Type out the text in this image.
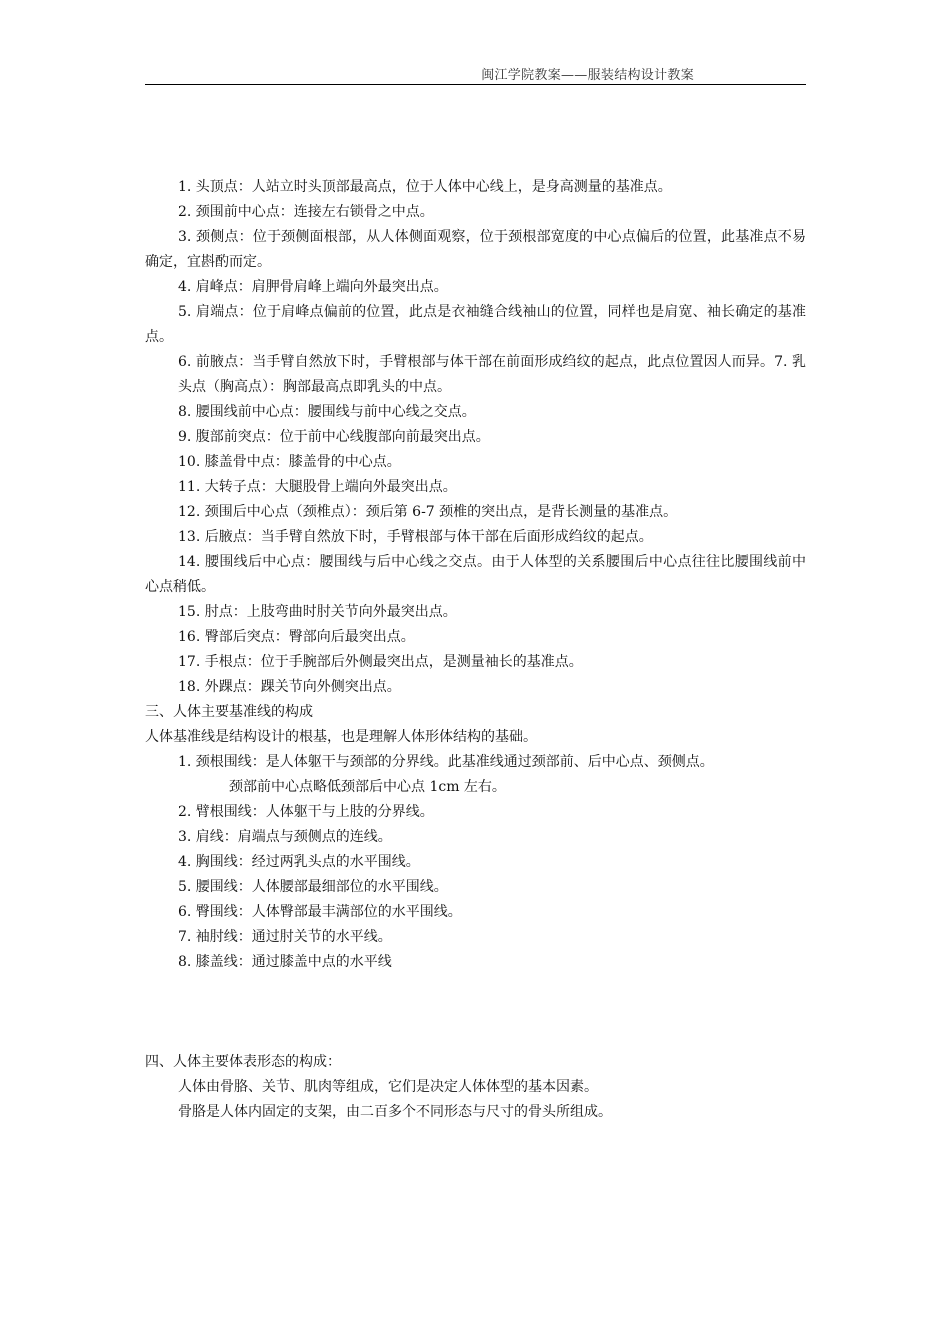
闽江学院教案——服装结构设计教案

1. 头顶点：人站立时头顶部最高点，位于人体中心线上，是身高测量的基准点。

2. 颈围前中心点：连接左右锁骨之中点。

3. 颈侧点：位于颈侧面根部，从人体侧面观察，位于颈根部宽度的中心点偏后的位置，此基准点不易确定，宜斟酌而定。

4. 肩峰点：肩胛骨肩峰上端向外最突出点。

5. 肩端点：位于肩峰点偏前的位置，此点是衣袖缝合线袖山的位置，同样也是肩宽、袖长确定的基准点。

6. 前腋点：当手臂自然放下时，手臂根部与体干部在前面形成绉纹的起点，此点位置因人而异。7. 乳头点（胸高点）：胸部最高点即乳头的中点。

8. 腰围线前中心点：腰围线与前中心线之交点。

9. 腹部前突点：位于前中心线腹部向前最突出点。

10. 膝盖骨中点：膝盖骨的中心点。

11. 大转子点：大腿股骨上端向外最突出点。

12. 颈围后中心点（颈椎点）：颈后第 6-7 颈椎的突出点，是背长测量的基准点。

13. 后腋点：当手臂自然放下时，手臂根部与体干部在后面形成绉纹的起点。

14. 腰围线后中心点：腰围线与后中心线之交点。由于人体型的关系腰围后中心点往往比腰围线前中心点稍低。

15. 肘点：上肢弯曲时肘关节向外最突出点。

16. 臀部后突点：臀部向后最突出点。

17. 手根点：位于手腕部后外侧最突出点，是测量袖长的基准点。

18. 外踝点：踝关节向外侧突出点。

三、人体主要基准线的构成

人体基准线是结构设计的根基，也是理解人体形体结构的基础。

1. 颈根围线：是人体躯干与颈部的分界线。此基准线通过颈部前、后中心点、颈侧点。

颈部前中心点略低颈部后中心点 1cm 左右。

2. 臂根围线：人体躯干与上肢的分界线。

3. 肩线：肩端点与颈侧点的连线。

4. 胸围线：经过两乳头点的水平围线。

5. 腰围线：人体腰部最细部位的水平围线。

6. 臀围线：人体臀部最丰满部位的水平围线。

7. 袖肘线：通过肘关节的水平线。

8. 膝盖线：通过膝盖中点的水平线

四、人体主要体表形态的构成：

人体由骨胳、关节、肌肉等组成，它们是决定人体体型的基本因素。

骨胳是人体内固定的支架，由二百多个不同形态与尺寸的骨头所组成。
